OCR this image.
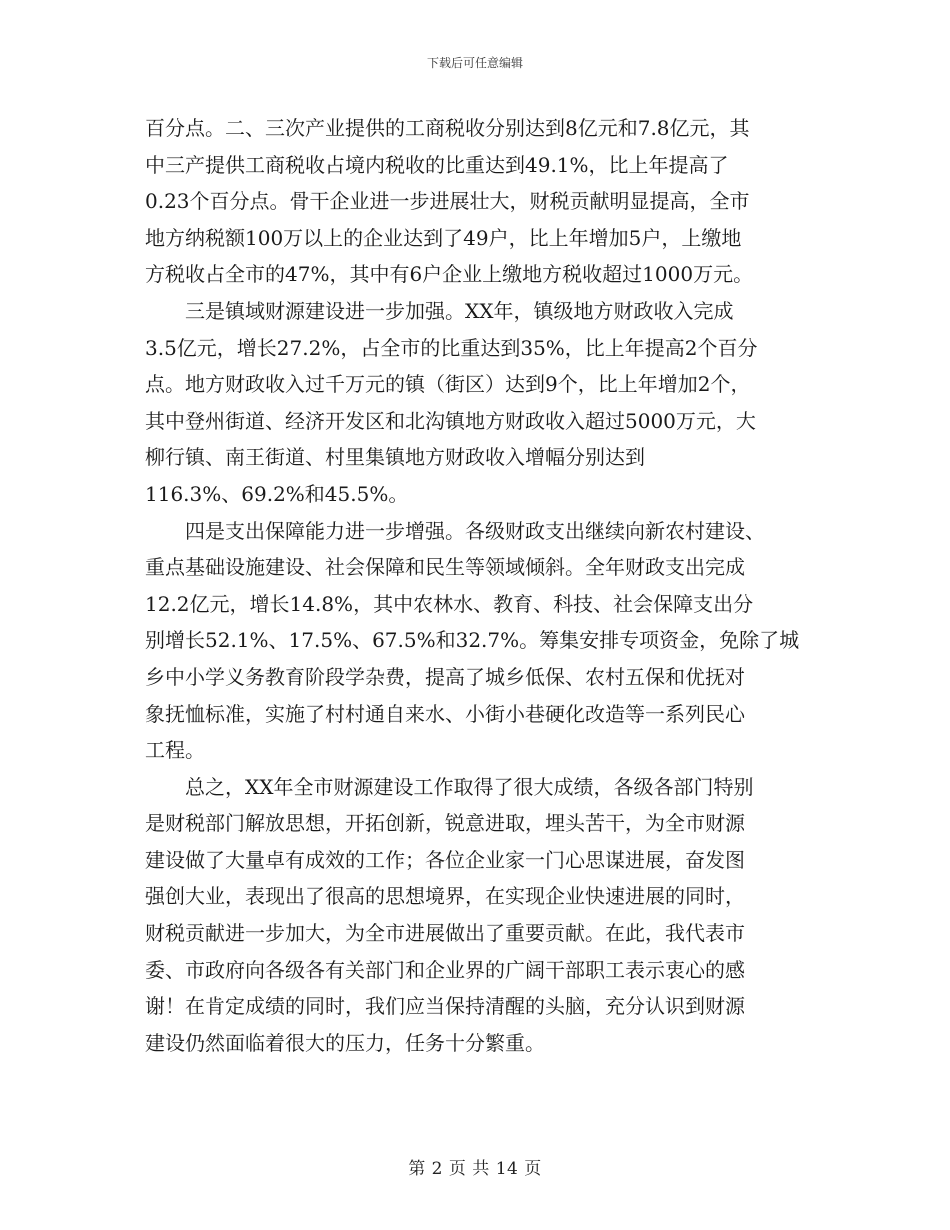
下载后可任意编辑
百分点。二、三次产业提供的工商税收分别达到8亿元和7.8亿元，其
中三产提供工商税收占境内税收的比重达到49.1%，比上年提高了
0.23个百分点。骨干企业进一步进展壮大，财税贡献明显提高，全市
地方纳税额100万以上的企业达到了49户，比上年增加5户，上缴地
方税收占全市的47%，其中有6户企业上缴地方税收超过1000万元。
　　三是镇域财源建设进一步加强。XX年，镇级地方财政收入完成
3.5亿元，增长27.2%，占全市的比重达到35%，比上年提高2个百分
点。地方财政收入过千万元的镇（街区）达到9个，比上年增加2个，
其中登州街道、经济开发区和北沟镇地方财政收入超过5000万元，大
柳行镇、南王街道、村里集镇地方财政收入增幅分别达到
116.3%、69.2%和45.5%。
　　四是支出保障能力进一步增强。各级财政支出继续向新农村建设、
重点基础设施建设、社会保障和民生等领域倾斜。全年财政支出完成
12.2亿元，增长14.8%，其中农林水、教育、科技、社会保障支出分
别增长52.1%、17.5%、67.5%和32.7%。筹集安排专项资金，免除了城
乡中小学义务教育阶段学杂费，提高了城乡低保、农村五保和优抚对
象抚恤标准，实施了村村通自来水、小街小巷硬化改造等一系列民心
工程。
　　总之，XX年全市财源建设工作取得了很大成绩，各级各部门特别
是财税部门解放思想，开拓创新，锐意进取，埋头苦干，为全市财源
建设做了大量卓有成效的工作；各位企业家一门心思谋进展，奋发图
强创大业，表现出了很高的思想境界，在实现企业快速进展的同时，
财税贡献进一步加大，为全市进展做出了重要贡献。在此，我代表市
委、市政府向各级各有关部门和企业界的广阔干部职工表示衷心的感
谢！在肯定成绩的同时，我们应当保持清醒的头脑，充分认识到财源
建设仍然面临着很大的压力，任务十分繁重。
第 2 页 共 14 页
